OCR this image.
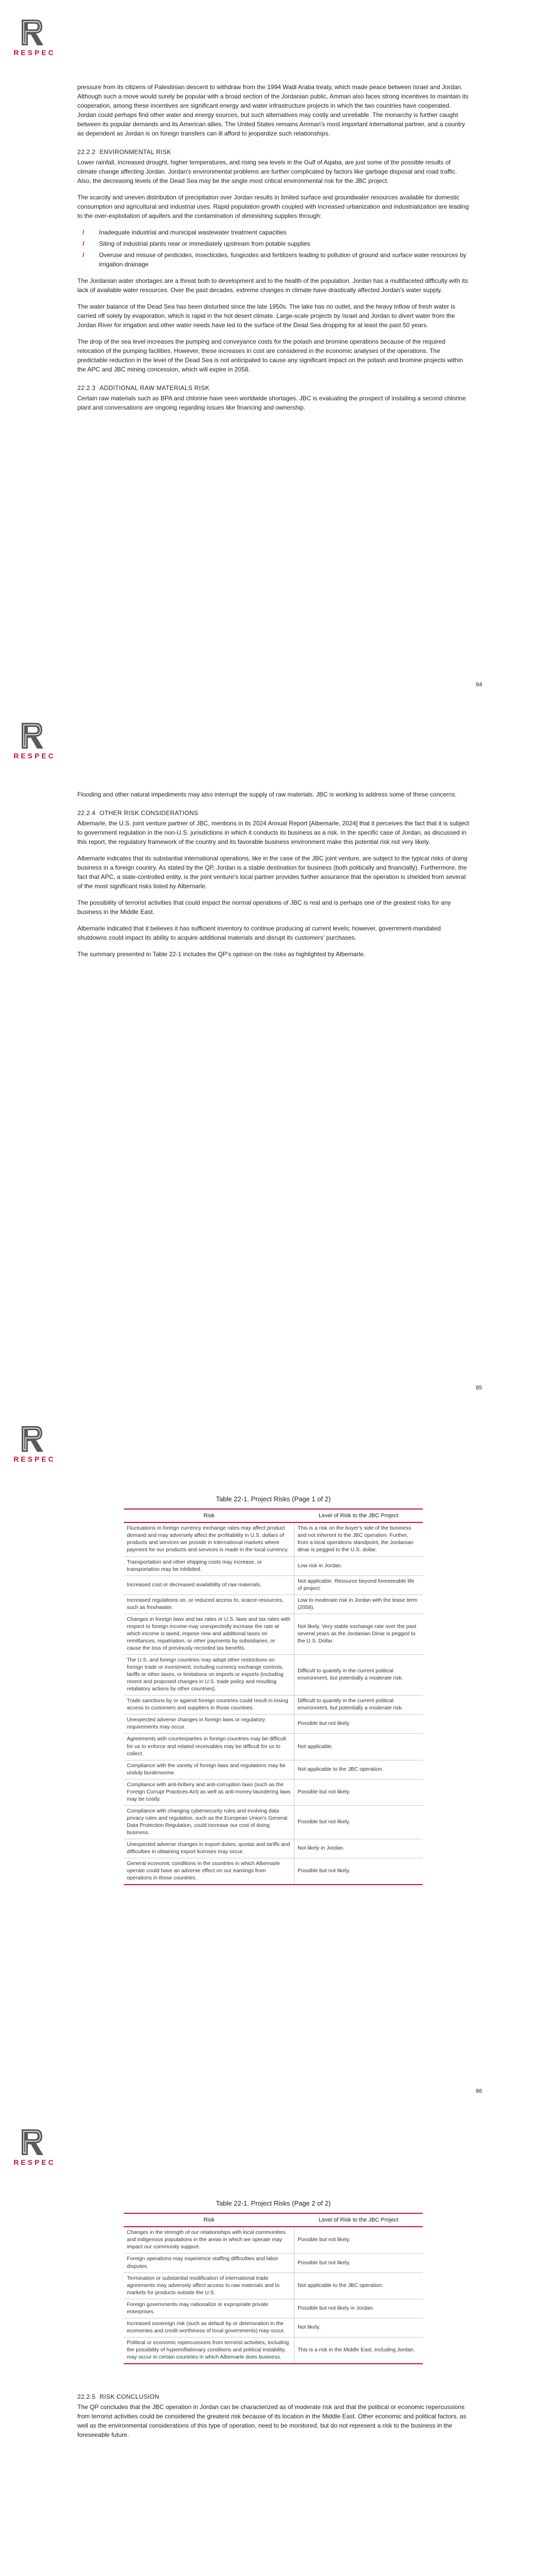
RESPEC

pressure from its citizens of Palestinian descent to withdraw from the 1994 Wadi Araba treaty, which made peace between Israel and Jordan. Although such a move would surely be popular with a broad section of the Jordanian public, Amman also faces strong incentives to maintain its cooperation, among these incentives are significant energy and water infrastructure projects in which the two countries have cooperated. Jordan could perhaps find other water and energy sources, but such alternatives may costly and unreliable. The monarchy is further caught between its popular demands and its American allies. The United States remains Amman's most important international partner, and a country as dependent as Jordan is on foreign transfers can ill afford to jeopardize such relationships.

22.2.2 ENVIRONMENTAL RISK

Lower rainfall, increased drought, higher temperatures, and rising sea levels in the Gulf of Aqaba, are just some of the possible results of climate change affecting Jordan. Jordan's environmental problems are further complicated by factors like garbage disposal and road traffic. Also, the decreasing levels of the Dead Sea may be the single most critical environmental risk for the JBC project.

The scarcity and uneven distribution of precipitation over Jordan results in limited surface and groundwater resources available for domestic consumption and agricultural and industrial uses. Rapid population growth coupled with increased urbanization and industrialization are leading to the over-exploitation of aquifers and the contamination of diminishing supplies through:

/ Inadequate industrial and municipal wastewater treatment capacities
/ Siting of industrial plants near or immediately upstream from potable supplies
/ Overuse and misuse of pesticides, insecticides, fungicides and fertilizers leading to pollution of ground and surface water resources by irrigation drainage

The Jordanian water shortages are a threat both to development and to the health of the population. Jordan has a multifaceted difficulty with its lack of available water resources. Over the past decades, extreme changes in climate have drastically affected Jordan's water supply.

The water balance of the Dead Sea has been disturbed since the late 1950s. The lake has no outlet, and the heavy inflow of fresh water is carried off solely by evaporation, which is rapid in the hot desert climate. Large-scale projects by Israel and Jordan to divert water from the Jordan River for irrigation and other water needs have led to the surface of the Dead Sea dropping for at least the past 50 years.

The drop of the sea level increases the pumping and conveyance costs for the potash and bromine operations because of the required relocation of the pumping facilities. However, these increases in cost are considered in the economic analyses of the operations. The predictable reduction in the level of the Dead Sea is not anticipated to cause any significant impact on the potash and bromine projects within the APC and JBC mining concession, which will expire in 2058.

22.2.3 ADDITIONAL RAW MATERIALS RISK

Certain raw materials such as BPA and chlorine have seen worldwide shortages. JBC is evaluating the prospect of installing a second chlorine plant and conversations are ongoing regarding issues like financing and ownership.

84
RESPEC

Flooding and other natural impediments may also interrupt the supply of raw materials. JBC is working to address some of these concerns.

22.2.4 OTHER RISK CONSIDERATIONS

Albemarle, the U.S. joint venture partner of JBC, mentions in its 2024 Annual Report [Albemarle, 2024] that it perceives the fact that it is subject to government regulation in the non-U.S. jurisdictions in which it conducts its business as a risk. In the specific case of Jordan, as discussed in this report, the regulatory framework of the country and its favorable business environment make this potential risk not very likely.

Albemarle indicates that its substantial international operations, like in the case of the JBC joint venture, are subject to the typical risks of doing business in a foreign country. As stated by the QP, Jordan is a stable destination for business (both politically and financially). Furthermore, the fact that APC, a state-controlled entity, is the joint venture's local partner provides further assurance that the operation is shielded from several of the most significant risks listed by Albemarle.

The possibility of terrorist activities that could impact the normal operations of JBC is real and is perhaps one of the greatest risks for any business in the Middle East.

Albemarle indicated that it believes it has sufficient inventory to continue producing at current levels; however, government-mandated shutdowns could impact its ability to acquire additional materials and disrupt its customers' purchases.

The summary presented in Table 22-1 includes the QP's opinion on the risks as highlighted by Albemarle.

85
RESPEC
Table 22-1. Project Risks (Page 1 of 2)
Risk	Level of Risk to the JBC Project
Fluctuations in foreign currency exchange rates may affect product demand and may adversely affect the profitability in U.S. dollars of products and services we provide in international markets where payment for our products and services is made in the local currency.	This is a risk on the buyer's side of the business and not inherent to the JBC operation. Further, from a local operations standpoint, the Jordanian dinar is pegged to the U.S. dollar.
Transportation and other shipping costs may increase, or transportation may be inhibited.	Low risk in Jordan.
Increased cost or decreased availability of raw materials.	Not applicable. Resource beyond foreseeable life of project.
Increased regulations on, or reduced access to, scarce resources, such as freshwater.	Low to moderate risk in Jordan with the lease term (2058).
Changes in foreign laws and tax rates or U.S. laws and tax rates with respect to foreign income may unexpectedly increase the rate at which income is taxed, impose new and additional taxes on remittances, repatriation, or other payments by subsidiaries, or cause the loss of previously recorded tax benefits.	Not likely. Very stable exchange rate over the past several years as the Jordanian Dinar is pegged to the U.S. Dollar.
The U.S. and foreign countries may adopt other restrictions on foreign trade or investment, including currency exchange controls, tariffs or other taxes, or limitations on imports or exports (including recent and proposed changes in U.S. trade policy and resulting retaliatory actions by other countries).	Difficult to quantify in the current political environment, but potentially a moderate risk.
Trade sanctions by or against foreign countries could result in losing access to customers and suppliers in those countries.	Difficult to quantify in the current political environment, but potentially a moderate risk.
Unexpected adverse changes in foreign laws or regulatory requirements may occur.	Possible but not likely.
Agreements with counterparties in foreign countries may be difficult for us to enforce and related receivables may be difficult for us to collect.	Not applicable.
Compliance with the variety of foreign laws and regulations may be unduly burdensome.	Not applicable to the JBC operation.
Compliance with anti-bribery and anti-corruption laws (such as the Foreign Corrupt Practices Act) as well as anti-money-laundering laws may be costly.	Possible but not likely.
Compliance with changing cybersecurity rules and evolving data privacy rules and regulation, such as the European Union's General Data Protection Regulation, could increase our cost of doing business.	Possible but not likely.
Unexpected adverse changes in export duties, quotas and tariffs and difficulties in obtaining export licenses may occur.	Not likely in Jordan.
General economic conditions in the countries in which Albemarle operate could have an adverse effect on our earnings from operations in those countries.	Possible but not likely.
86
RESPEC
Table 22-1. Project Risks (Page 2 of 2)
Risk	Level of Risk to the JBC Project
Changes in the strength of our relationships with local communities and indigenous populations in the areas in which we operate may impact our community support.	Possible but not likely.
Foreign operations may experience staffing difficulties and labor disputes.	Possible but not likely.
Termination or substantial modification of international trade agreements may adversely affect access to raw materials and to markets for products outside the U.S.	Not applicable to the JBC operation.
Foreign governments may nationalize or expropriate private enterprises.	Possible but not likely in Jordan.
Increased sovereign risk (such as default by or deterioration in the economies and credit worthiness of local governments) may occur.	Not likely.
Political or economic repercussions from terrorist activities, including the possibility of hyperinflationary conditions and political instability, may occur in certain countries in which Albemarle does business.	This is a risk in the Middle East, including Jordan.
22.2.5 RISK CONCLUSION

The QP concludes that the JBC operation in Jordan can be characterized as of moderate risk and that the political or economic repercussions from terrorist activities could be considered the greatest risk because of its location in the Middle East. Other economic and political factors, as well as the environmental considerations of this type of operation, need to be monitored, but do not represent a risk to the business in the foreseeable future.
